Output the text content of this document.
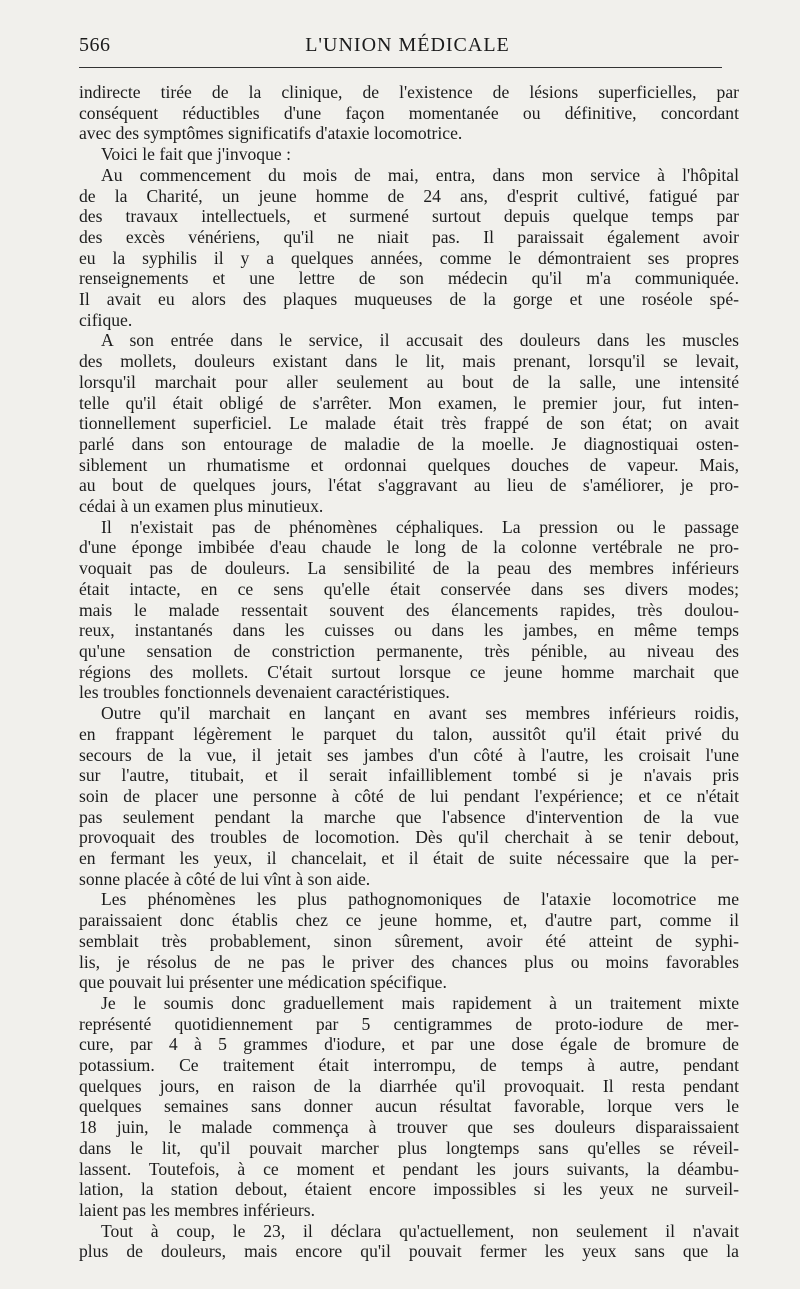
566	L'UNION MÉDICALE
indirecte tirée de la clinique, de l'existence de lésions superficielles, par
conséquent réductibles d'une façon momentanée ou définitive, concordant
avec des symptômes significatifs d'ataxie locomotrice.
Voici le fait que j'invoque :
Au commencement du mois de mai, entra, dans mon service à l'hôpital
de la Charité, un jeune homme de 24 ans, d'esprit cultivé, fatigué par
des travaux intellectuels, et surmené surtout depuis quelque temps par
des excès vénériens, qu'il ne niait pas. Il paraissait également avoir
eu la syphilis il y a quelques années, comme le démontraient ses propres
renseignements et une lettre de son médecin qu'il m'a communiquée.
Il avait eu alors des plaques muqueuses de la gorge et une roséole spé-
cifique.
A son entrée dans le service, il accusait des douleurs dans les muscles
des mollets, douleurs existant dans le lit, mais prenant, lorsqu'il se levait,
lorsqu'il marchait pour aller seulement au bout de la salle, une intensité
telle qu'il était obligé de s'arrêter. Mon examen, le premier jour, fut inten-
tionnellement superficiel. Le malade était très frappé de son état; on avait
parlé dans son entourage de maladie de la moelle. Je diagnostiquai osten-
siblement un rhumatisme et ordonnai quelques douches de vapeur. Mais,
au bout de quelques jours, l'état s'aggravant au lieu de s'améliorer, je pro-
cédai à un examen plus minutieux.
Il n'existait pas de phénomènes céphaliques. La pression ou le passage
d'une éponge imbibée d'eau chaude le long de la colonne vertébrale ne pro-
voquait pas de douleurs. La sensibilité de la peau des membres inférieurs
était intacte, en ce sens qu'elle était conservée dans ses divers modes;
mais le malade ressentait souvent des élancements rapides, très doulou-
reux, instantanés dans les cuisses ou dans les jambes, en même temps
qu'une sensation de constriction permanente, très pénible, au niveau des
régions des mollets. C'était surtout lorsque ce jeune homme marchait que
les troubles fonctionnels devenaient caractéristiques.
Outre qu'il marchait en lançant en avant ses membres inférieurs roidis,
en frappant légèrement le parquet du talon, aussitôt qu'il était privé du
secours de la vue, il jetait ses jambes d'un côté à l'autre, les croisait l'une
sur l'autre, titubait, et il serait infailliblement tombé si je n'avais pris
soin de placer une personne à côté de lui pendant l'expérience; et ce n'était
pas seulement pendant la marche que l'absence d'intervention de la vue
provoquait des troubles de locomotion. Dès qu'il cherchait à se tenir debout,
en fermant les yeux, il chancelait, et il était de suite nécessaire que la per-
sonne placée à côté de lui vînt à son aide.
Les phénomènes les plus pathognomoniques de l'ataxie locomotrice me
paraissaient donc établis chez ce jeune homme, et, d'autre part, comme il
semblait très probablement, sinon sûrement, avoir été atteint de syphi-
lis, je résolus de ne pas le priver des chances plus ou moins favorables
que pouvait lui présenter une médication spécifique.
Je le soumis donc graduellement mais rapidement à un traitement mixte
représenté quotidiennement par 5 centigrammes de proto-iodure de mer-
cure, par 4 à 5 grammes d'iodure, et par une dose égale de bromure de
potassium. Ce traitement était interrompu, de temps à autre, pendant
quelques jours, en raison de la diarrhée qu'il provoquait. Il resta pendant
quelques semaines sans donner aucun résultat favorable, lorque vers le
18 juin, le malade commença à trouver que ses douleurs disparaissaient
dans le lit, qu'il pouvait marcher plus longtemps sans qu'elles se réveil-
lassent. Toutefois, à ce moment et pendant les jours suivants, la déambu-
lation, la station debout, étaient encore impossibles si les yeux ne surveil-
laient pas les membres inférieurs.
Tout à coup, le 23, il déclara qu'actuellement, non seulement il n'avait
plus de douleurs, mais encore qu'il pouvait fermer les yeux sans que la
